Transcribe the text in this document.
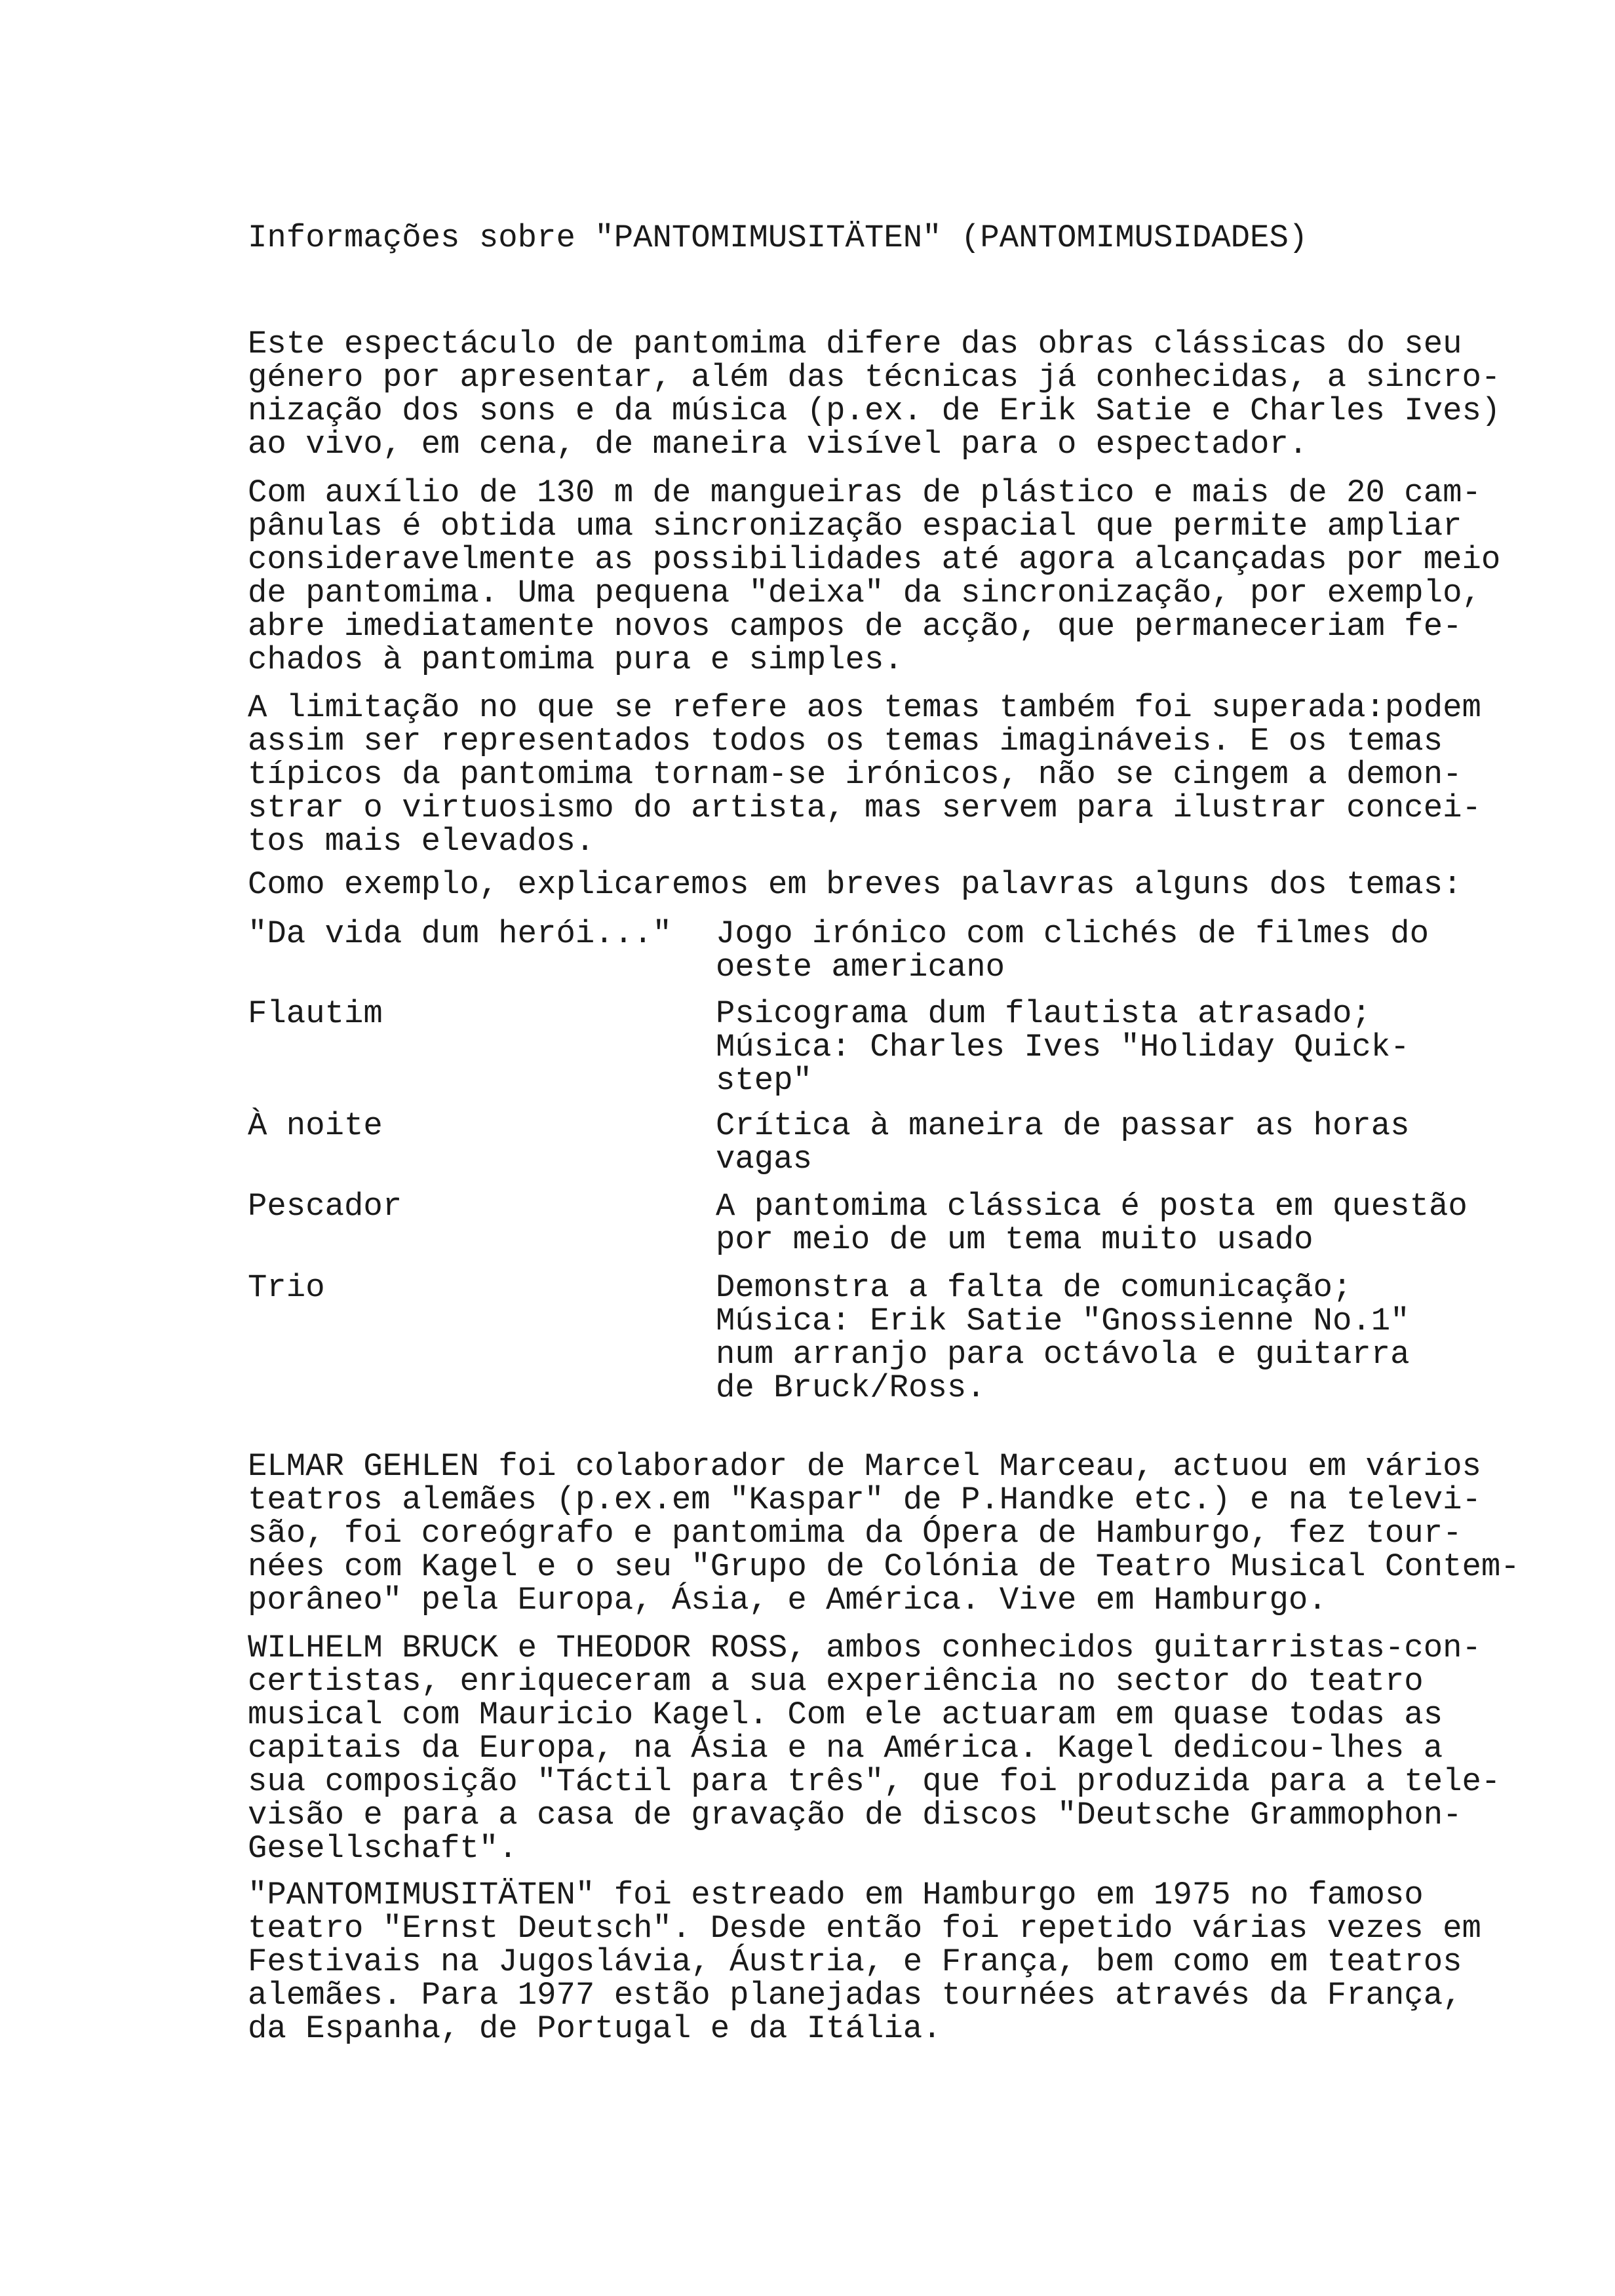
Informações sobre "PANTOMIMUSITÄTEN" (PANTOMIMUSIDADES)
Este espectáculo de pantomima difere das obras clássicas do seu
género por apresentar, além das técnicas já conhecidas, a sincro-
nização dos sons e da música (p.ex. de Erik Satie e Charles Ives)
ao vivo, em cena, de maneira visível para o espectador.
Com auxílio de 130 m de mangueiras de plástico e mais de 20 cam-
pânulas é obtida uma sincronização espacial que permite ampliar
consideravelmente as possibilidades até agora alcançadas por meio
de pantomima. Uma pequena "deixa" da sincronização, por exemplo,
abre imediatamente novos campos de acção, que permaneceriam fe-
chados à pantomima pura e simples.
A limitação no que se refere aos temas também foi superada:podem
assim ser representados todos os temas imagináveis. E os temas
típicos da pantomima tornam-se irónicos, não se cingem a demon-
strar o virtuosismo do artista, mas servem para ilustrar concei-
tos mais elevados.
Como exemplo, explicaremos em breves palavras alguns dos temas:
"Da vida dum herói..." Jogo irónico com clichés de filmes do
oeste americano
Flautim	Psicograma dum flautista atrasado;
Música: Charles Ives "Holiday Quick-
step"
À noite	Crítica à maneira de passar as horas
vagas
Pescador	A pantomima clássica é posta em questão
por meio de um tema muito usado
Trio	Demonstra a falta de comunicação;
Música: Erik Satie "Gnossienne No.1"
num arranjo para octávola e guitarra
de Bruck/Ross.
ELMAR GEHLEN foi colaborador de Marcel Marceau, actuou em vários
teatros alemães (p.ex.em "Kaspar" de P.Handke etc.) e na televi-
são, foi coreógrafo e pantomima da Ópera de Hamburgo, fez tour-
nées com Kagel e o seu "Grupo de Colónia de Teatro Musical Contem-
porâneo" pela Europa, Ásia, e América. Vive em Hamburgo.
WILHELM BRUCK e THEODOR ROSS, ambos conhecidos guitarristas-con-
certistas, enriqueceram a sua experiência no sector do teatro
musical com Mauricio Kagel. Com ele actuaram em quase todas as
capitais da Europa, na Ásia e na América. Kagel dedicou-lhes a
sua composição "Táctil para três", que foi produzida para a tele-
visão e para a casa de gravação de discos "Deutsche Grammophon-
Gesellschaft".
"PANTOMIMUSITÄTEN" foi estreado em Hamburgo em 1975 no famoso
teatro "Ernst Deutsch". Desde então foi repetido várias vezes em
Festivais na Jugoslávia, Áustria, e França, bem como em teatros
alemães. Para 1977 estão planejadas tournées através da França,
da Espanha, de Portugal e da Itália.
